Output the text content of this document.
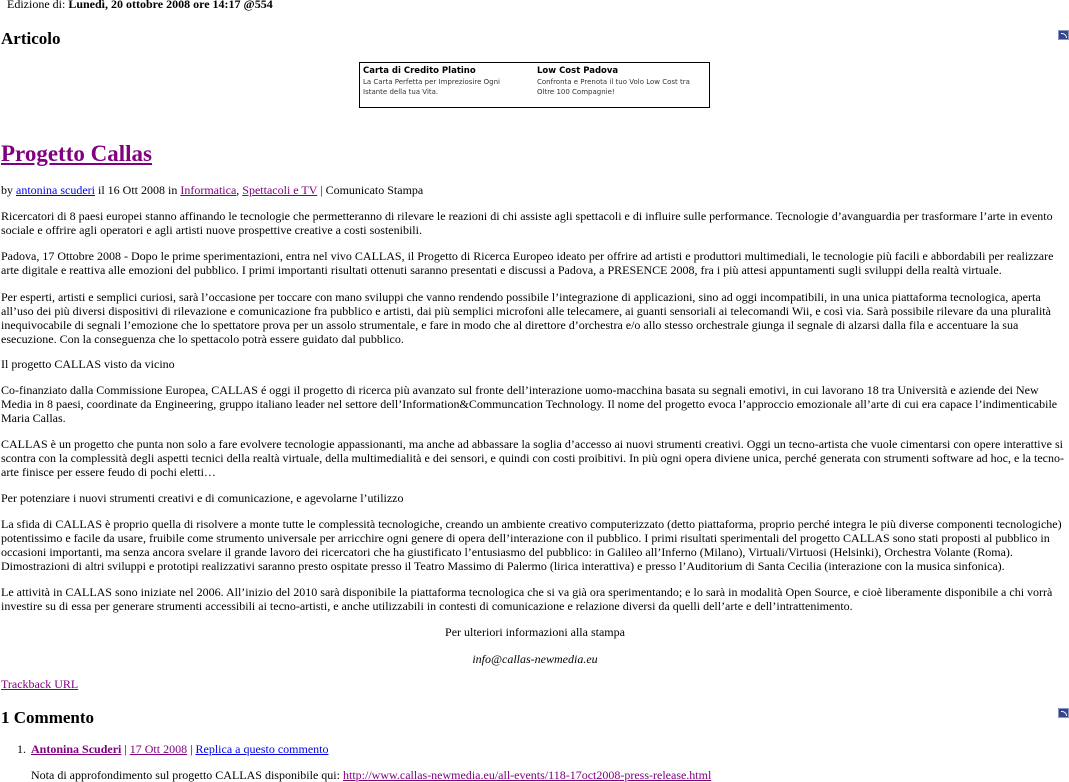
Edizione di: Lunedì, 20 ottobre 2008 ore 14:17 @554
Articolo
Carta di Credito Platino
La Carta Perfetta per Impreziosire Ogni
Istante della tua Vita.
Low Cost Padova
Confronta e Prenota il tuo Volo Low Cost tra
Oltre 100 Compagnie!
Progetto Callas
by antonina scuderi il 16 Ott 2008 in Informatica, Spettacoli e TV | Comunicato Stampa

Ricercatori di 8 paesi europei stanno affinando le tecnologie che permetteranno di rilevare le reazioni di chi assiste agli spettacoli e di influire sulle performance. Tecnologie d’avanguardia per trasformare l’arte in evento sociale e offrire agli operatori e agli artisti nuove prospettive creative a costi sostenibili.

Padova, 17 Ottobre 2008 - Dopo le prime sperimentazioni, entra nel vivo CALLAS, il Progetto di Ricerca Europeo ideato per offrire ad artisti e produttori multimediali, le tecnologie più facili e abbordabili per realizzare arte digitale e reattiva alle emozioni del pubblico. I primi importanti risultati ottenuti saranno presentati e discussi a Padova, a PRESENCE 2008, fra i più attesi appuntamenti sugli sviluppi della realtà virtuale.

Per esperti, artisti e semplici curiosi, sarà l’occasione per toccare con mano sviluppi che vanno rendendo possibile l’integrazione di applicazioni, sino ad oggi incompatibili, in una unica piattaforma tecnologica, aperta all’uso dei più diversi dispositivi di rilevazione e comunicazione fra pubblico e artisti, dai più semplici microfoni alle telecamere, ai guanti sensoriali ai telecomandi Wii, e così via. Sarà possibile rilevare da una pluralità inequivocabile di segnali l’emozione che lo spettatore prova per un assolo strumentale, e fare in modo che al direttore d’orchestra e/o allo stesso orchestrale giunga il segnale di alzarsi dalla fila e accentuare la sua esecuzione. Con la conseguenza che lo spettacolo potrà essere guidato dal pubblico.

Il progetto CALLAS visto da vicino

Co-finanziato dalla Commissione Europea, CALLAS é oggi il progetto di ricerca più avanzato sul fronte dell’interazione uomo-macchina basata su segnali emotivi, in cui lavorano 18 tra Università e aziende dei New Media in 8 paesi, coordinate da Engineering, gruppo italiano leader nel settore dell’Information&Communcation Technology. Il nome del progetto evoca l’approccio emozionale all’arte di cui era capace l’indimenticabile Maria Callas.

CALLAS è un progetto che punta non solo a fare evolvere tecnologie appassionanti, ma anche ad abbassare la soglia d’accesso ai nuovi strumenti creativi. Oggi un tecno-artista che vuole cimentarsi con opere interattive si scontra con la complessità degli aspetti tecnici della realtà virtuale, della multimedialità e dei sensori, e quindi con costi proibitivi. In più ogni opera diviene unica, perché generata con strumenti software ad hoc, e la tecno-arte finisce per essere feudo di pochi eletti…

Per potenziare i nuovi strumenti creativi e di comunicazione, e agevolarne l’utilizzo

La sfida di CALLAS è proprio quella di risolvere a monte tutte le complessità tecnologiche, creando un ambiente creativo computerizzato (detto piattaforma, proprio perché integra le più diverse componenti tecnologiche) potentissimo e facile da usare, fruibile come strumento universale per arricchire ogni genere di opera dell’interazione con il pubblico. I primi risultati sperimentali del progetto CALLAS sono stati proposti al pubblico in occasioni importanti, ma senza ancora svelare il grande lavoro dei ricercatori che ha giustificato l’entusiasmo del pubblico: in Galileo all’Inferno (Milano), Virtuali/Virtuosi (Helsinki), Orchestra Volante (Roma). Dimostrazioni di altri sviluppi e prototipi realizzativi saranno presto ospitate presso il Teatro Massimo di Palermo (lirica interattiva) e presso l’Auditorium di Santa Cecilia (interazione con la musica sinfonica).

Le attività in CALLAS sono iniziate nel 2006. All’inizio del 2010 sarà disponibile la piattaforma tecnologica che si va già ora sperimentando; e lo sarà in modalità Open Source, e cioè liberamente disponibile a chi vorrà investire su di essa per generare strumenti accessibili ai tecno-artisti, e anche utilizzabili in contesti di comunicazione e relazione diversi da quelli dell’arte e dell’intrattenimento.

Per ulteriori informazioni alla stampa

info@callas-newmedia.eu

Trackback URL
1 Commento
1. Antonina Scuderi | 17 Ott 2008 | Replica a questo commento
Nota di approfondimento sul progetto CALLAS disponibile qui: http://www.callas-newmedia.eu/all-events/118-17oct2008-press-release.html
